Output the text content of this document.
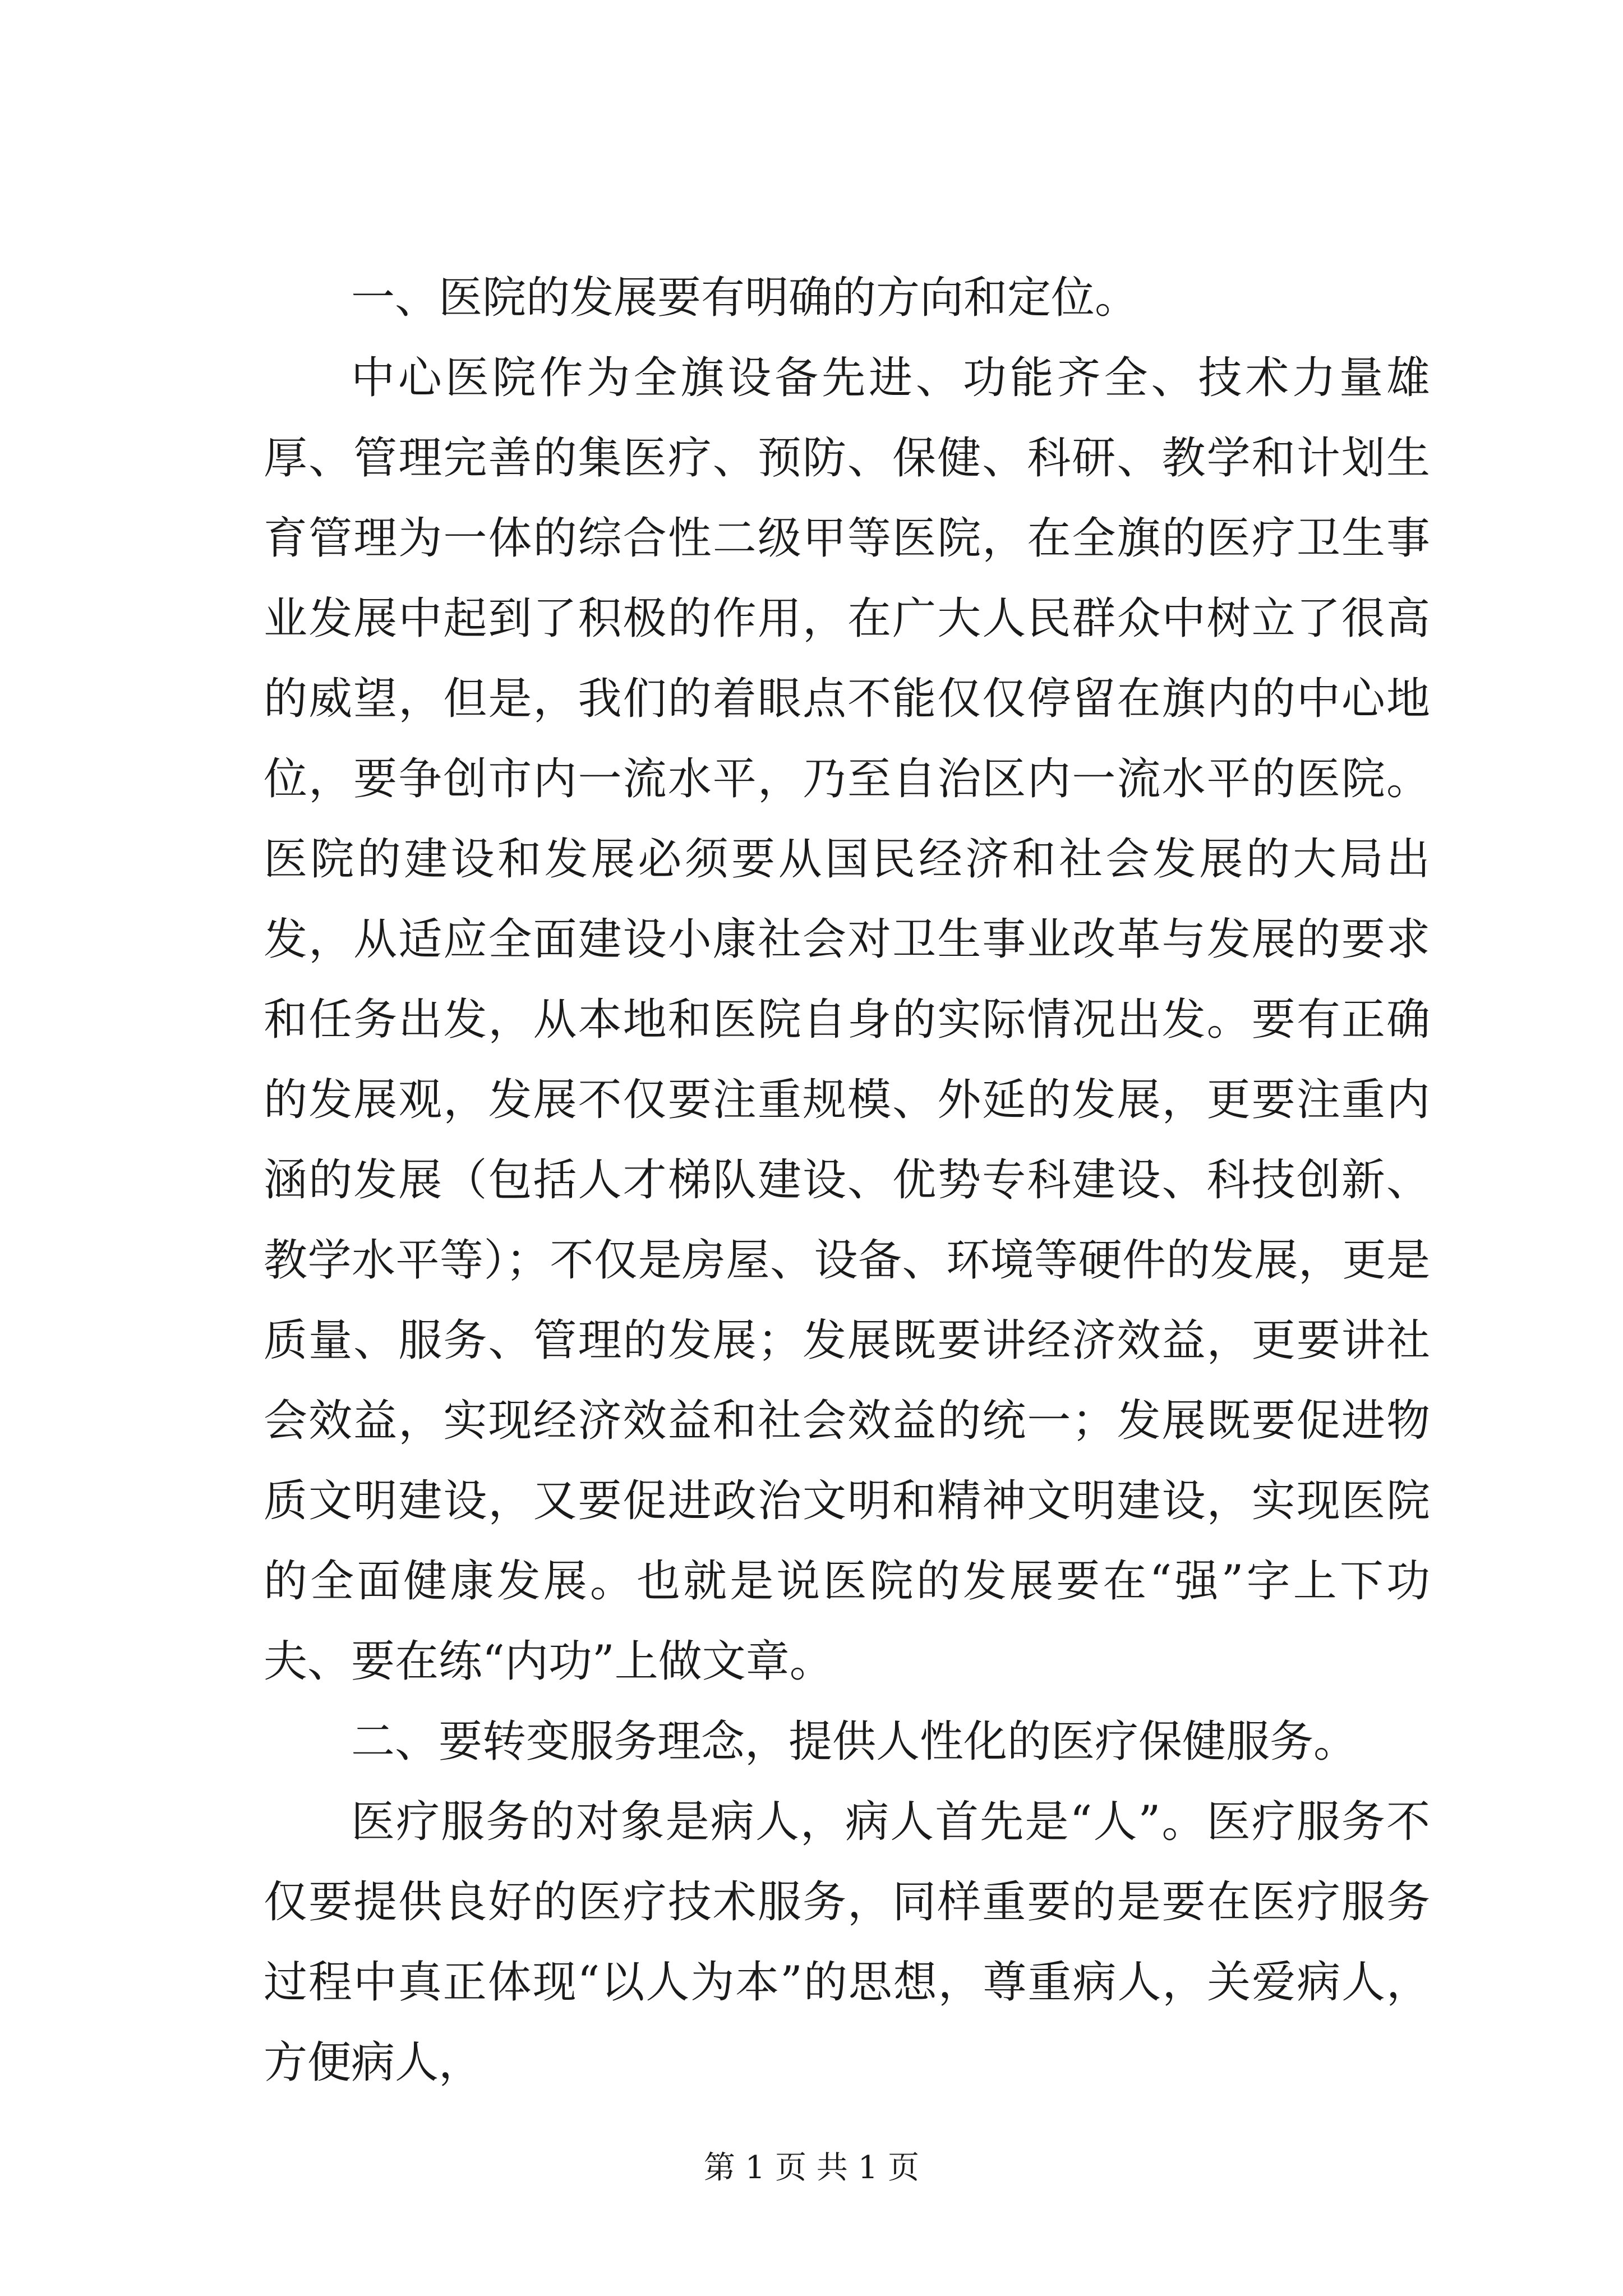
一、医院的发展要有明确的方向和定位。

中心医院作为全旗设备先进、功能齐全、技术力量雄厚、管理完善的集医疗、预防、保健、科研、教学和计划生育管理为一体的综合性二级甲等医院，在全旗的医疗卫生事业发展中起到了积极的作用，在广大人民群众中树立了很高的威望，但是，我们的着眼点不能仅仅停留在旗内的中心地位，要争创市内一流水平，乃至自治区内一流水平的医院。医院的建设和发展必须要从国民经济和社会发展的大局出发，从适应全面建设小康社会对卫生事业改革与发展的要求和任务出发，从本地和医院自身的实际情况出发。要有正确的发展观，发展不仅要注重规模、外延的发展，更要注重内涵的发展（包括人才梯队建设、优势专科建设、科技创新、教学水平等）；不仅是房屋、设备、环境等硬件的发展，更是质量、服务、管理的发展；发展既要讲经济效益，更要讲社会效益，实现经济效益和社会效益的统一；发展既要促进物质文明建设，又要促进政治文明和精神文明建设，实现医院的全面健康发展。也就是说医院的发展要在“强”字上下功夫、要在练“内功”上做文章。

二、要转变服务理念，提供人性化的医疗保健服务。

医疗服务的对象是病人，病人首先是“人”。医疗服务不仅要提供良好的医疗技术服务，同样重要的是要在医疗服务过程中真正体现“以人为本”的思想，尊重病人，关爱病人，方便病人，

第 1 页 共 1 页
